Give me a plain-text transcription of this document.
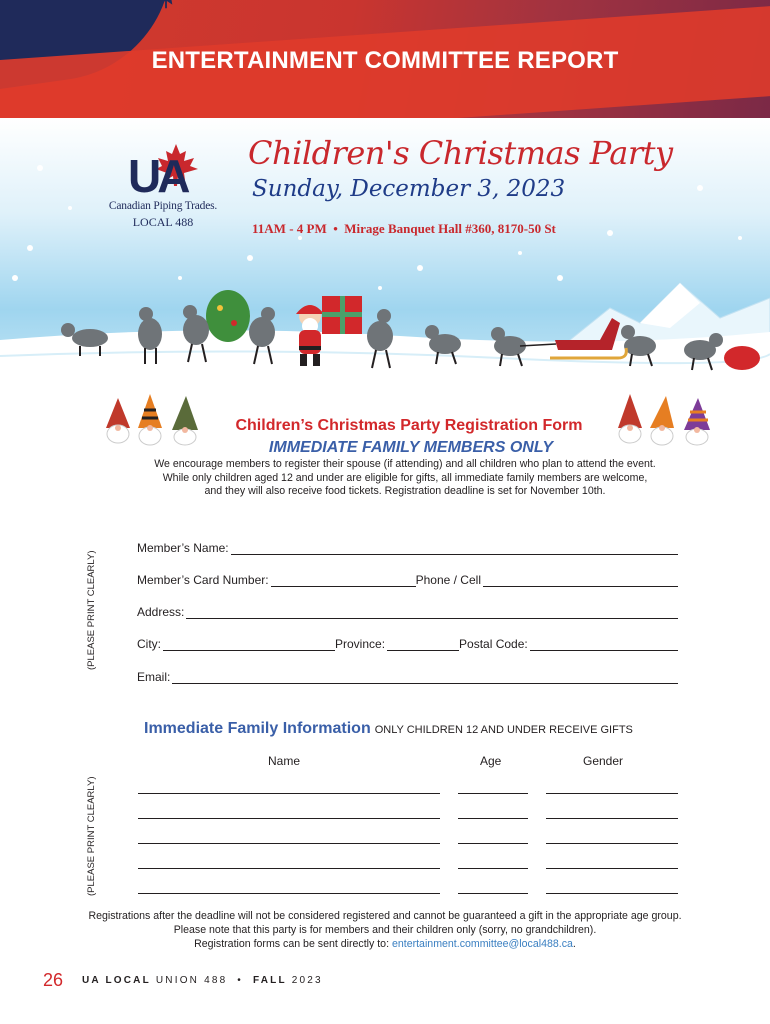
ENTERTAINMENT COMMITTEE REPORT
UA
Canadian Piping Trades.
LOCAL 488
Children's Christmas Party
Sunday, December 3, 2023
11AM - 4 PM  •  Mirage Banquet Hall #360, 8170-50 St
Children’s Christmas Party Registration Form
IMMEDIATE FAMILY MEMBERS ONLY
We encourage members to register their spouse (if attending) and all children who plan to attend the event.
While only children aged 12 and under are eligible for gifts, all immediate family members are welcome,
and they will also receive food tickets. Registration deadline is set for November 10th.
(PLEASE PRINT CLEARLY)
Member’s Name:
Member’s Card Number:	Phone / Cell
Address:
City:	Province:	Postal Code:
Email:
Immediate Family Information ONLY CHILDREN 12 AND UNDER RECEIVE GIFTS
Name	Age	Gender
(PLEASE PRINT CLEARLY)
Registrations after the deadline will not be considered registered and cannot be guaranteed a gift in the appropriate age group.
Please note that this party is for members and their children only (sorry, no grandchildren).
Registration forms can be sent directly to: entertainment.committee@local488.ca.
26 UA LOCAL UNION 488  •  FALL 2023
